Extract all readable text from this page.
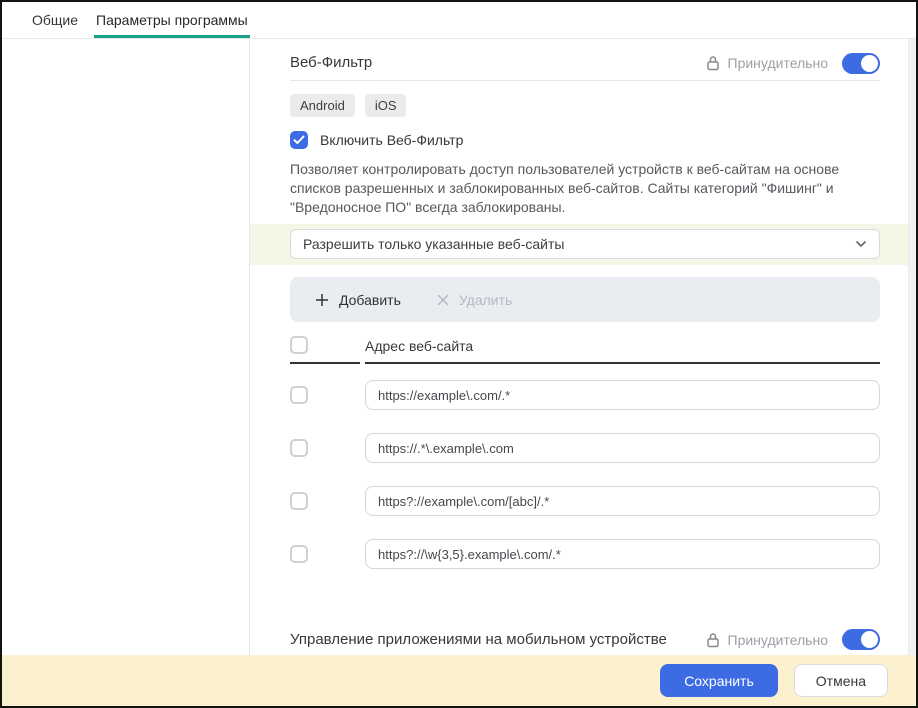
Общие Параметры программы
Веб-Фильтр	Принудительно
Android	iOS
Включить Веб-Фильтр
Позволяет контролировать доступ пользователей устройств к веб-сайтам на основе
списков разрешенных и заблокированных веб-сайтов. Сайты категорий "Фишинг" и
"Вредоносное ПО" всегда заблокированы.
Разрешить только указанные веб-сайты
Добавить	Удалить
Адрес веб-сайта
https://example\.com/.*
https://.*\.example\.com
https?://example\.com/[abc]/.*
https?://\w{3,5}.example\.com/.*
Управление приложениями на мобильном устройстве	Принудительно
Сохранить	Отмена
